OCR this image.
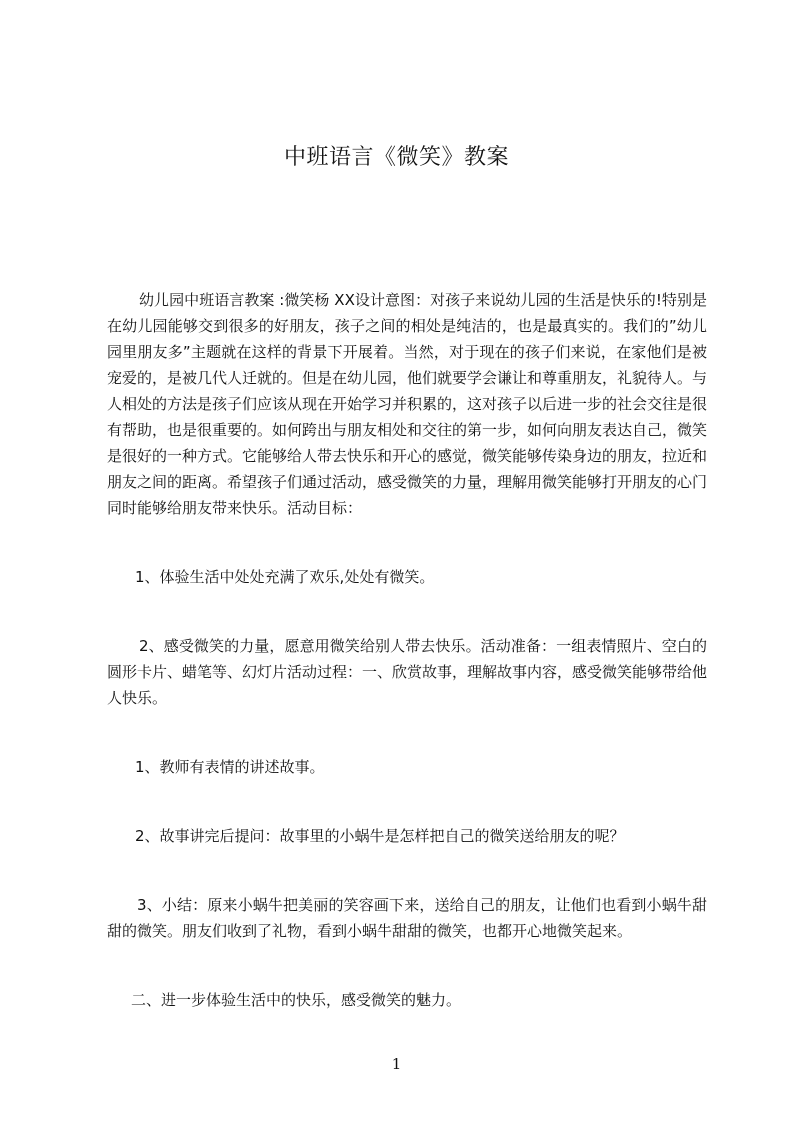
中班语言《微笑》教案

幼儿园中班语言教案 :微笑杨 XX设计意图：对孩子来说幼儿园的生活是快乐的!特别是在幼儿园能够交到很多的好朋友，孩子之间的相处是纯洁的，也是最真实的。我们的”幼儿园里朋友多”主题就在这样的背景下开展着。当然，对于现在的孩子们来说，在家他们是被宠爱的，是被几代人迁就的。但是在幼儿园，他们就要学会谦让和尊重朋友，礼貌待人。与人相处的方法是孩子们应该从现在开始学习并积累的，这对孩子以后进一步的社会交往是很有帮助，也是很重要的。如何跨出与朋友相处和交往的第一步，如何向朋友表达自己，微笑是很好的一种方式。它能够给人带去快乐和开心的感觉，微笑能够传染身边的朋友，拉近和朋友之间的距离。希望孩子们通过活动，感受微笑的力量，理解用微笑能够打开朋友的心门同时能够给朋友带来快乐。活动目标：

1、体验生活中处处充满了欢乐,处处有微笑。

2、感受微笑的力量，愿意用微笑给别人带去快乐。活动准备：一组表情照片、空白的圆形卡片、蜡笔等、幻灯片活动过程：一、欣赏故事，理解故事内容，感受微笑能够带给他人快乐。

1、教师有表情的讲述故事。

2、故事讲完后提问：故事里的小蜗牛是怎样把自己的微笑送给朋友的呢？

3、小结：原来小蜗牛把美丽的笑容画下来，送给自己的朋友，让他们也看到小蜗牛甜甜的微笑。朋友们收到了礼物，看到小蜗牛甜甜的微笑，也都开心地微笑起来。

二、进一步体验生活中的快乐，感受微笑的魅力。

1
